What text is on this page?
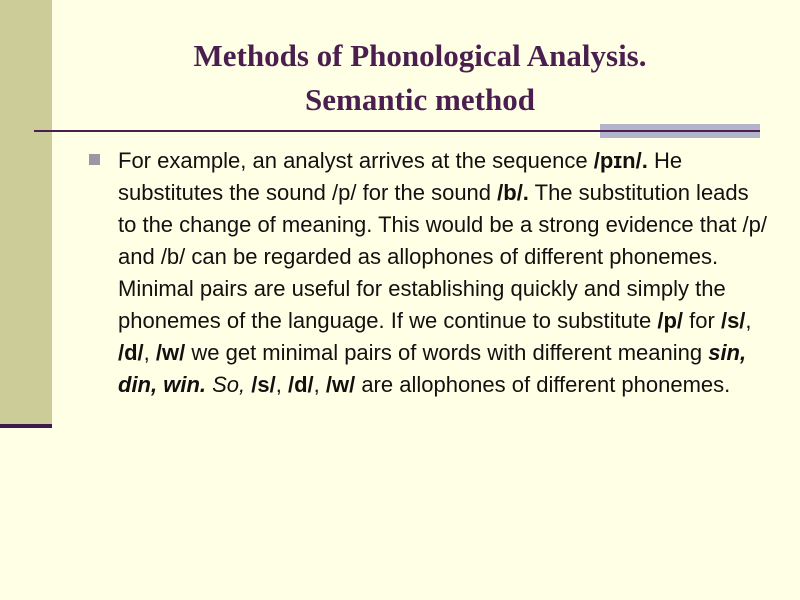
Methods of Phonological Analysis.
Semantic method

For example, an analyst arrives at the sequence /pɪn/. He substitutes the sound /p/ for the sound /b/. The substitution leads to the change of meaning. This would be a strong evidence that /p/ and /b/ can be regarded as allophones of different phonemes.

Minimal pairs are useful for establishing quickly and simply the phonemes of the language. If we continue to substitute /p/ for /s/, /d/, /w/ we get minimal pairs of words with different meaning sin, din, win. So, /s/, /d/, /w/ are allophones of different phonemes.
